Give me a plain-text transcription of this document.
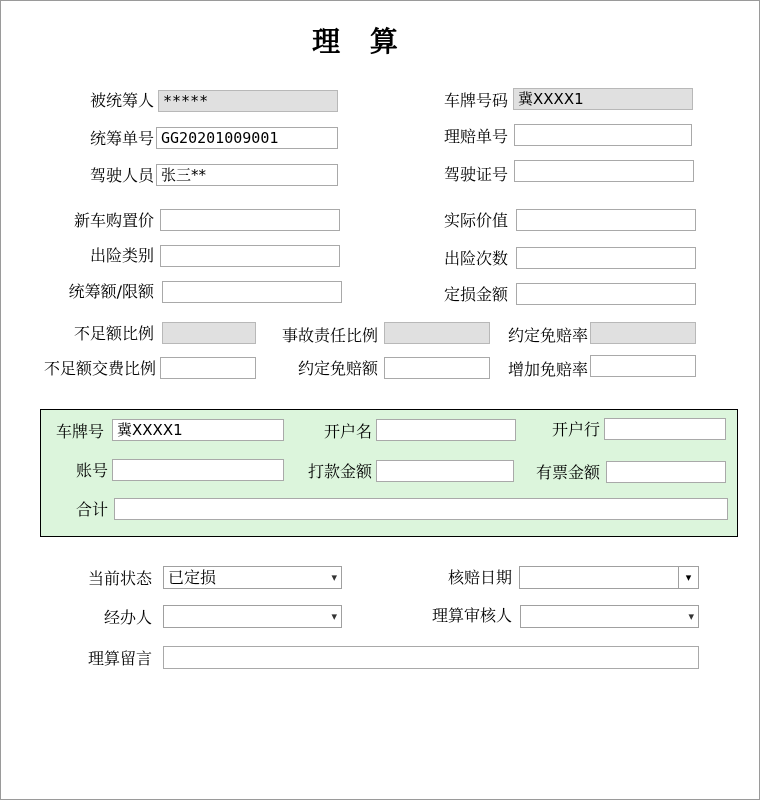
理 算
被统筹人 *****	车牌号码 冀XXXX1
统筹单号 GG20201009001	理赔单号
驾驶人员 张三**	驾驶证号
新车购置价	实际价值
出险类别	出险次数
统筹额/限额	定损金额
不足额比例	事故责任比例	约定免赔率
不足额交费比例	约定免赔额	增加免赔率
车牌号 冀XXXX1	开户名	开户行
账号	打款金额	有票金额
合计
当前状态	已定损	▾	核赔日期	▾
经办人	▾	理算审核人	▾
理算留言
